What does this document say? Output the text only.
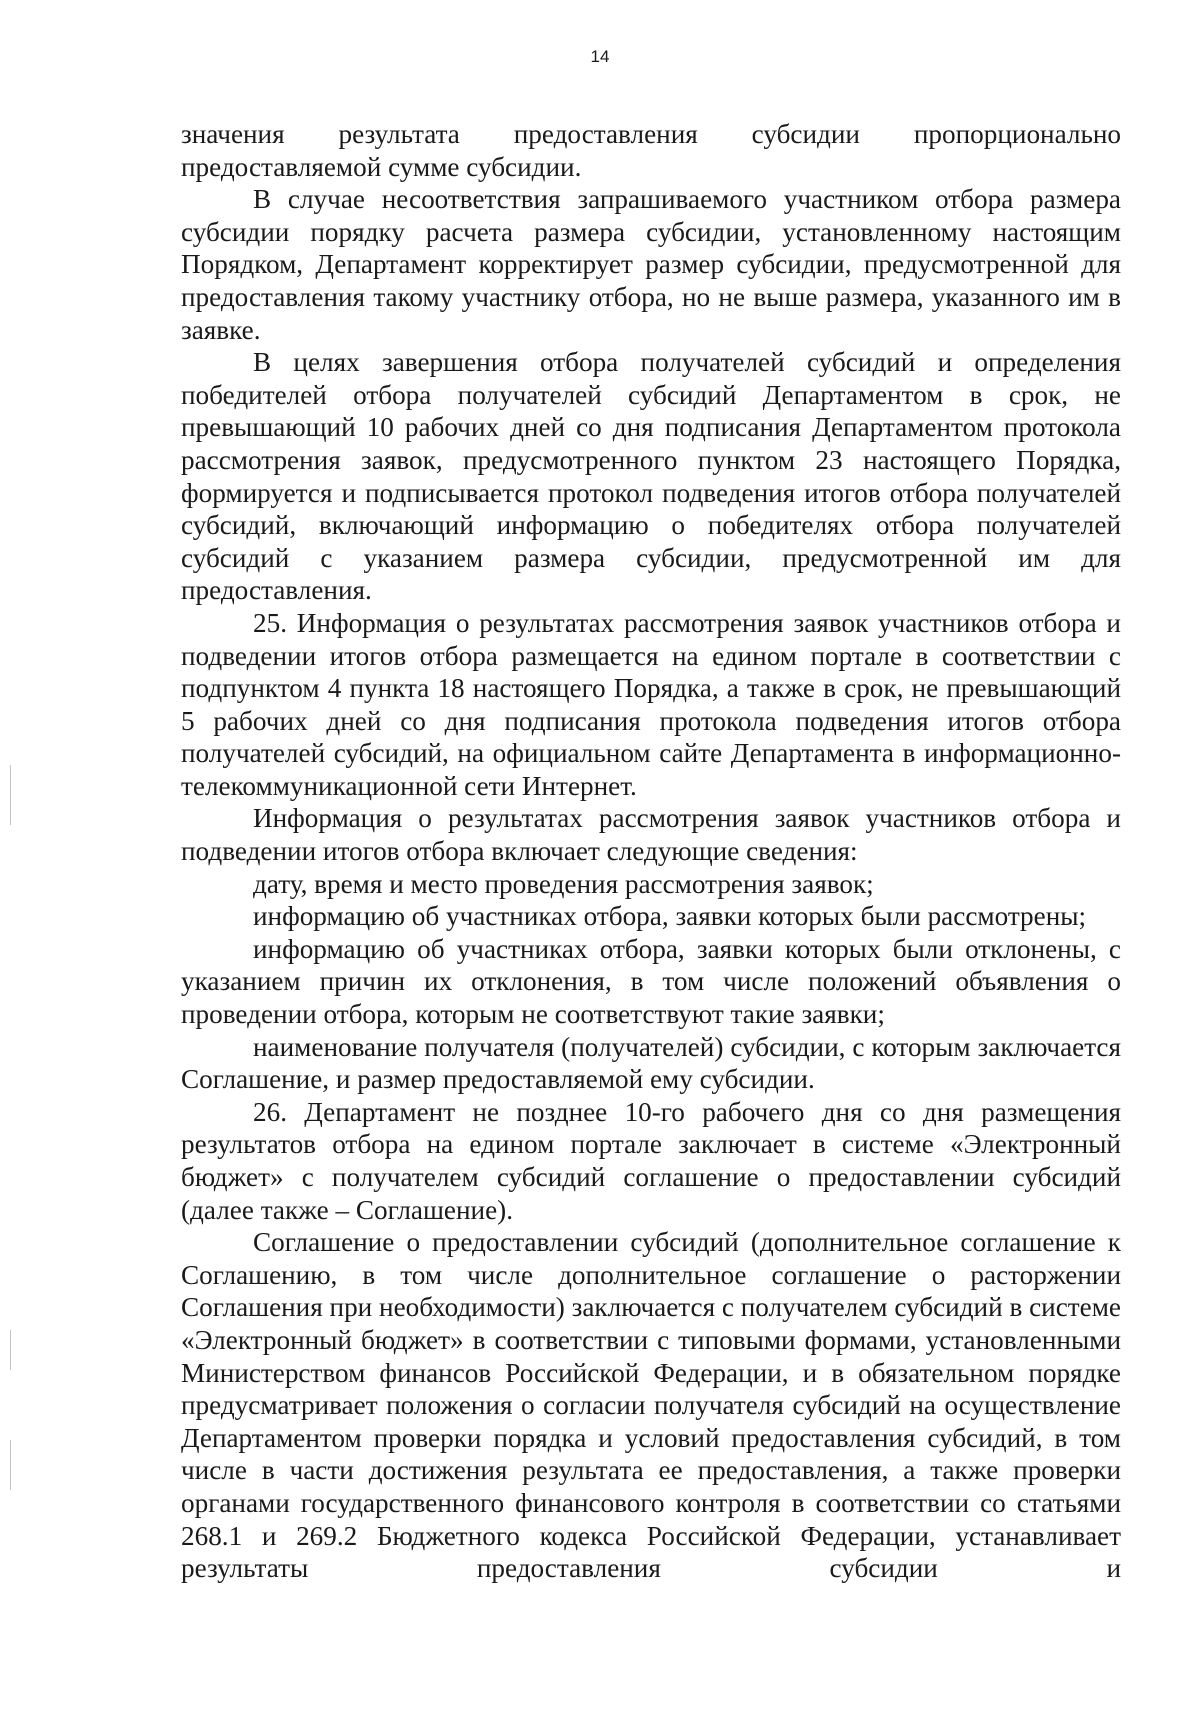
14

значения результата предоставления субсидии пропорционально предоставляемой сумме субсидии.

В случае несоответствия запрашиваемого участником отбора размера субсидии порядку расчета размера субсидии, установленному настоящим Порядком, Департамент корректирует размер субсидии, предусмотренной для предоставления такому участнику отбора, но не выше размера, указанного им в заявке.

В целях завершения отбора получателей субсидий и определения победителей отбора получателей субсидий Департаментом в срок, не превышающий 10 рабочих дней со дня подписания Департаментом протокола рассмотрения заявок, предусмотренного пунктом 23 настоящего Порядка, формируется и подписывается протокол подведения итогов отбора получателей субсидий, включающий информацию о победителях отбора получателей субсидий с указанием размера субсидии, предусмотренной им для предоставления.

25. Информация о результатах рассмотрения заявок участников отбора и подведении итогов отбора размещается на едином портале в соответствии с подпунктом 4 пункта 18 настоящего Порядка, а также в срок, не превышающий 5 рабочих дней со дня подписания протокола подведения итогов отбора получателей субсидий, на официальном сайте Департамента в информационно-телекоммуникационной сети Интернет.

Информация о результатах рассмотрения заявок участников отбора и подведении итогов отбора включает следующие сведения:

дату, время и место проведения рассмотрения заявок;

информацию об участниках отбора, заявки которых были рассмотрены;

информацию об участниках отбора, заявки которых были отклонены, с указанием причин их отклонения, в том числе положений объявления о проведении отбора, которым не соответствуют такие заявки;

наименование получателя (получателей) субсидии, с которым заключается Соглашение, и размер предоставляемой ему субсидии.

26. Департамент не позднее 10-го рабочего дня со дня размещения результатов отбора на едином портале заключает в системе «Электронный бюджет» с получателем субсидий соглашение о предоставлении субсидий (далее также – Соглашение).

Соглашение о предоставлении субсидий (дополнительное соглашение к Соглашению, в том числе дополнительное соглашение о расторжении Соглашения при необходимости) заключается с получателем субсидий в системе «Электронный бюджет» в соответствии с типовыми формами, установленными Министерством финансов Российской Федерации, и в обязательном порядке предусматривает положения о согласии получателя субсидий на осуществление Департаментом проверки порядка и условий предоставления субсидий, в том числе в части достижения результата ее предоставления, а также проверки органами государственного финансового контроля в соответствии со статьями 268.1 и 269.2 Бюджетного кодекса Российской Федерации, устанавливает результаты предоставления субсидии и
